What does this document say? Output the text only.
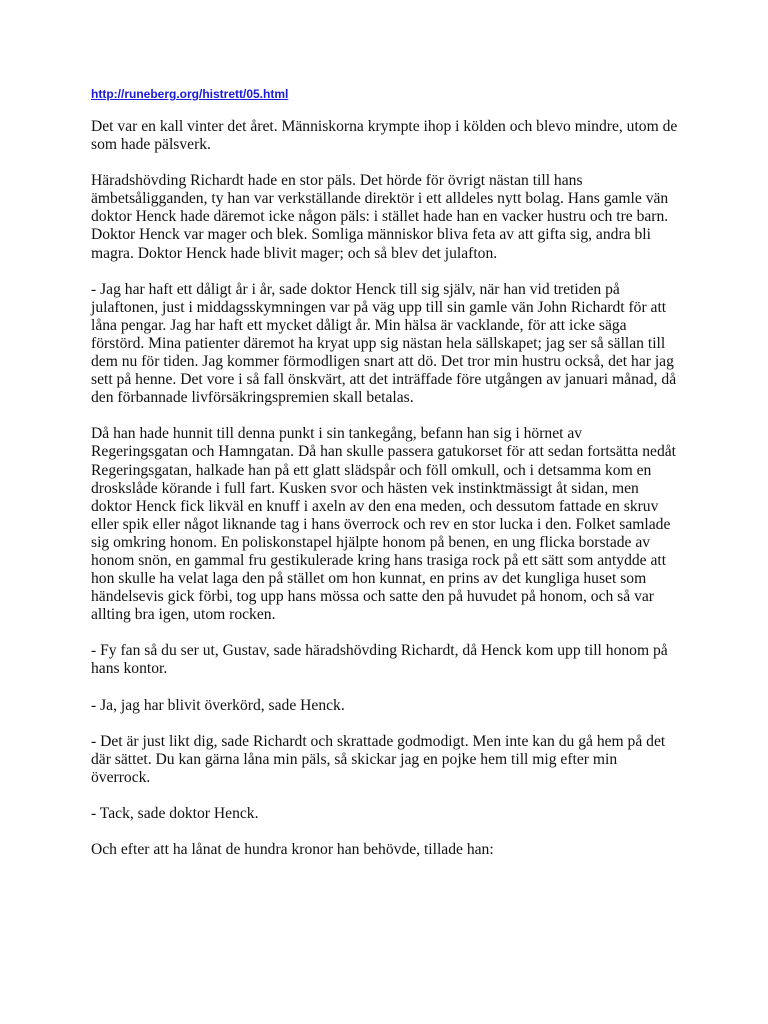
http://runeberg.org/histrett/05.html

Det var en kall vinter det året. Människorna krympte ihop i kölden och blevo mindre, utom de som hade pälsverk.

Häradshövding Richardt hade en stor päls. Det hörde för övrigt nästan till hans ämbetsåligganden, ty han var verkställande direktör i ett alldeles nytt bolag. Hans gamle vän doktor Henck hade däremot icke någon päls: i stället hade han en vacker hustru och tre barn. Doktor Henck var mager och blek. Somliga människor bliva feta av att gifta sig, andra bli magra. Doktor Henck hade blivit mager; och så blev det julafton.

- Jag har haft ett dåligt år i år, sade doktor Henck till sig själv, när han vid tretiden på julaftonen, just i middagsskymningen var på väg upp till sin gamle vän John Richardt för att låna pengar. Jag har haft ett mycket dåligt år. Min hälsa är vacklande, för att icke säga förstörd. Mina patienter däremot ha kryat upp sig nästan hela sällskapet; jag ser så sällan till dem nu för tiden. Jag kommer förmodligen snart att dö. Det tror min hustru också, det har jag sett på henne. Det vore i så fall önskvärt, att det inträffade före utgången av januari månad, då den förbannade livförsäkringspremien skall betalas.

Då han hade hunnit till denna punkt i sin tankegång, befann han sig i hörnet av Regeringsgatan och Hamngatan. Då han skulle passera gatukorset för att sedan fortsätta nedåt Regeringsgatan, halkade han på ett glatt slädspår och föll omkull, och i detsamma kom en droskslåde körande i full fart. Kusken svor och hästen vek instinktmässigt åt sidan, men doktor Henck fick likväl en knuff i axeln av den ena meden, och dessutom fattade en skruv eller spik eller något liknande tag i hans överrock och rev en stor lucka i den. Folket samlade sig omkring honom. En poliskonstapel hjälpte honom på benen, en ung flicka borstade av honom snön, en gammal fru gestikulerade kring hans trasiga rock på ett sätt som antydde att hon skulle ha velat laga den på stället om hon kunnat, en prins av det kungliga huset som händelsevis gick förbi, tog upp hans mössa och satte den på huvudet på honom, och så var allting bra igen, utom rocken.

- Fy fan så du ser ut, Gustav, sade häradshövding Richardt, då Henck kom upp till honom på hans kontor.

- Ja, jag har blivit överkörd, sade Henck.

- Det är just likt dig, sade Richardt och skrattade godmodigt. Men inte kan du gå hem på det där sättet. Du kan gärna låna min päls, så skickar jag en pojke hem till mig efter min överrock.

- Tack, sade doktor Henck.

Och efter att ha lånat de hundra kronor han behövde, tillade han:
